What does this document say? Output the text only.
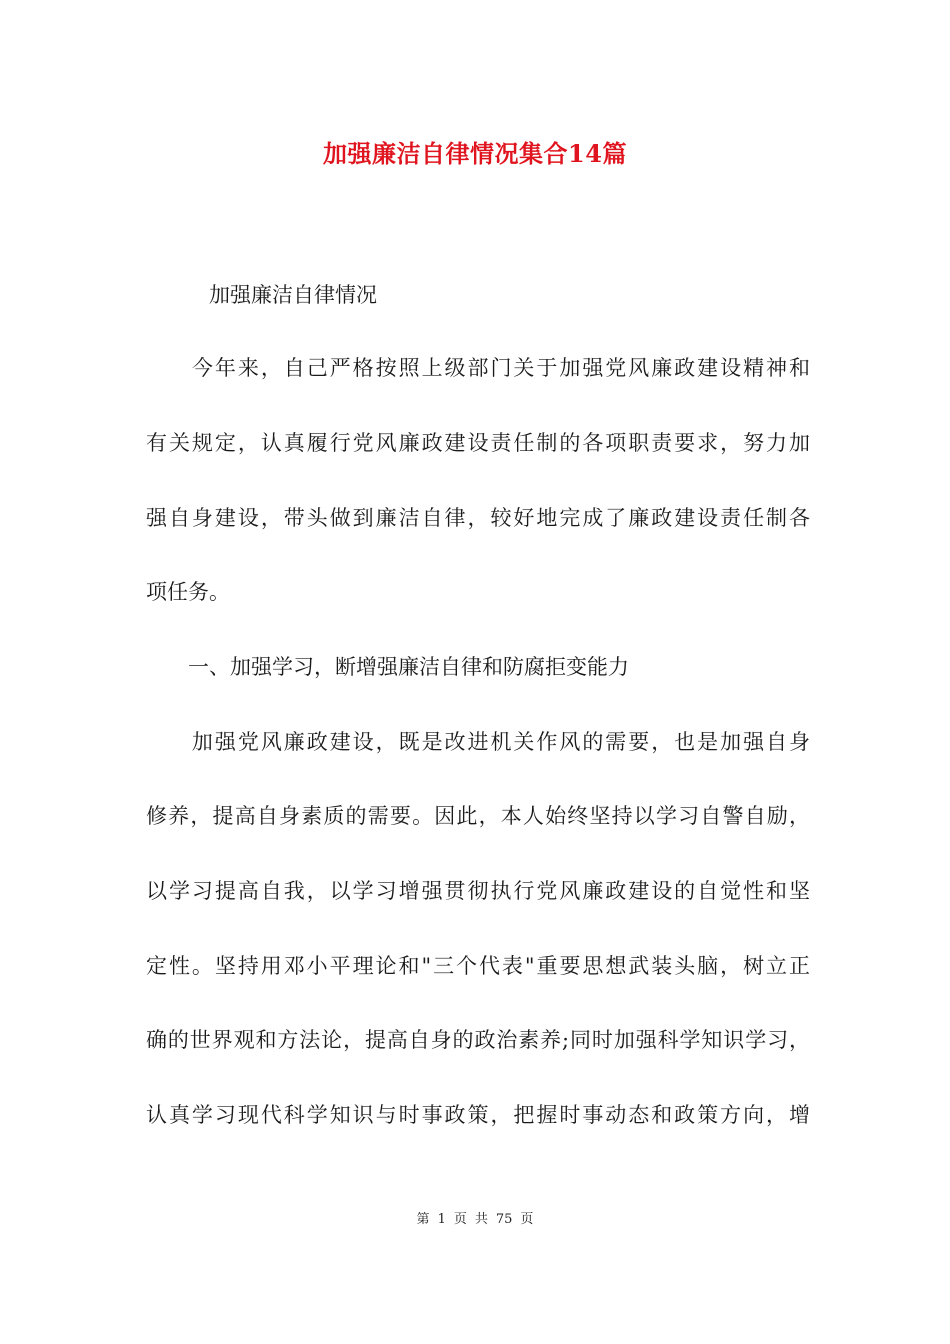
加强廉洁自律情况集合14篇
　　　加强廉洁自律情况
　　今年来，自己严格按照上级部门关于加强党风廉政建设精神和
有关规定，认真履行党风廉政建设责任制的各项职责要求，努力加
强自身建设，带头做到廉洁自律，较好地完成了廉政建设责任制各
项任务。
　　一、加强学习，断增强廉洁自律和防腐拒变能力
　　加强党风廉政建设，既是改进机关作风的需要，也是加强自身
修养，提高自身素质的需要。因此，本人始终坚持以学习自警自励，
以学习提高自我，以学习增强贯彻执行党风廉政建设的自觉性和坚
定性。坚持用邓小平理论和"三个代表"重要思想武装头脑，树立正
确的世界观和方法论，提高自身的政治素养;同时加强科学知识学习，
认真学习现代科学知识与时事政策，把握时事动态和政策方向，增
第 1 页 共 75 页
